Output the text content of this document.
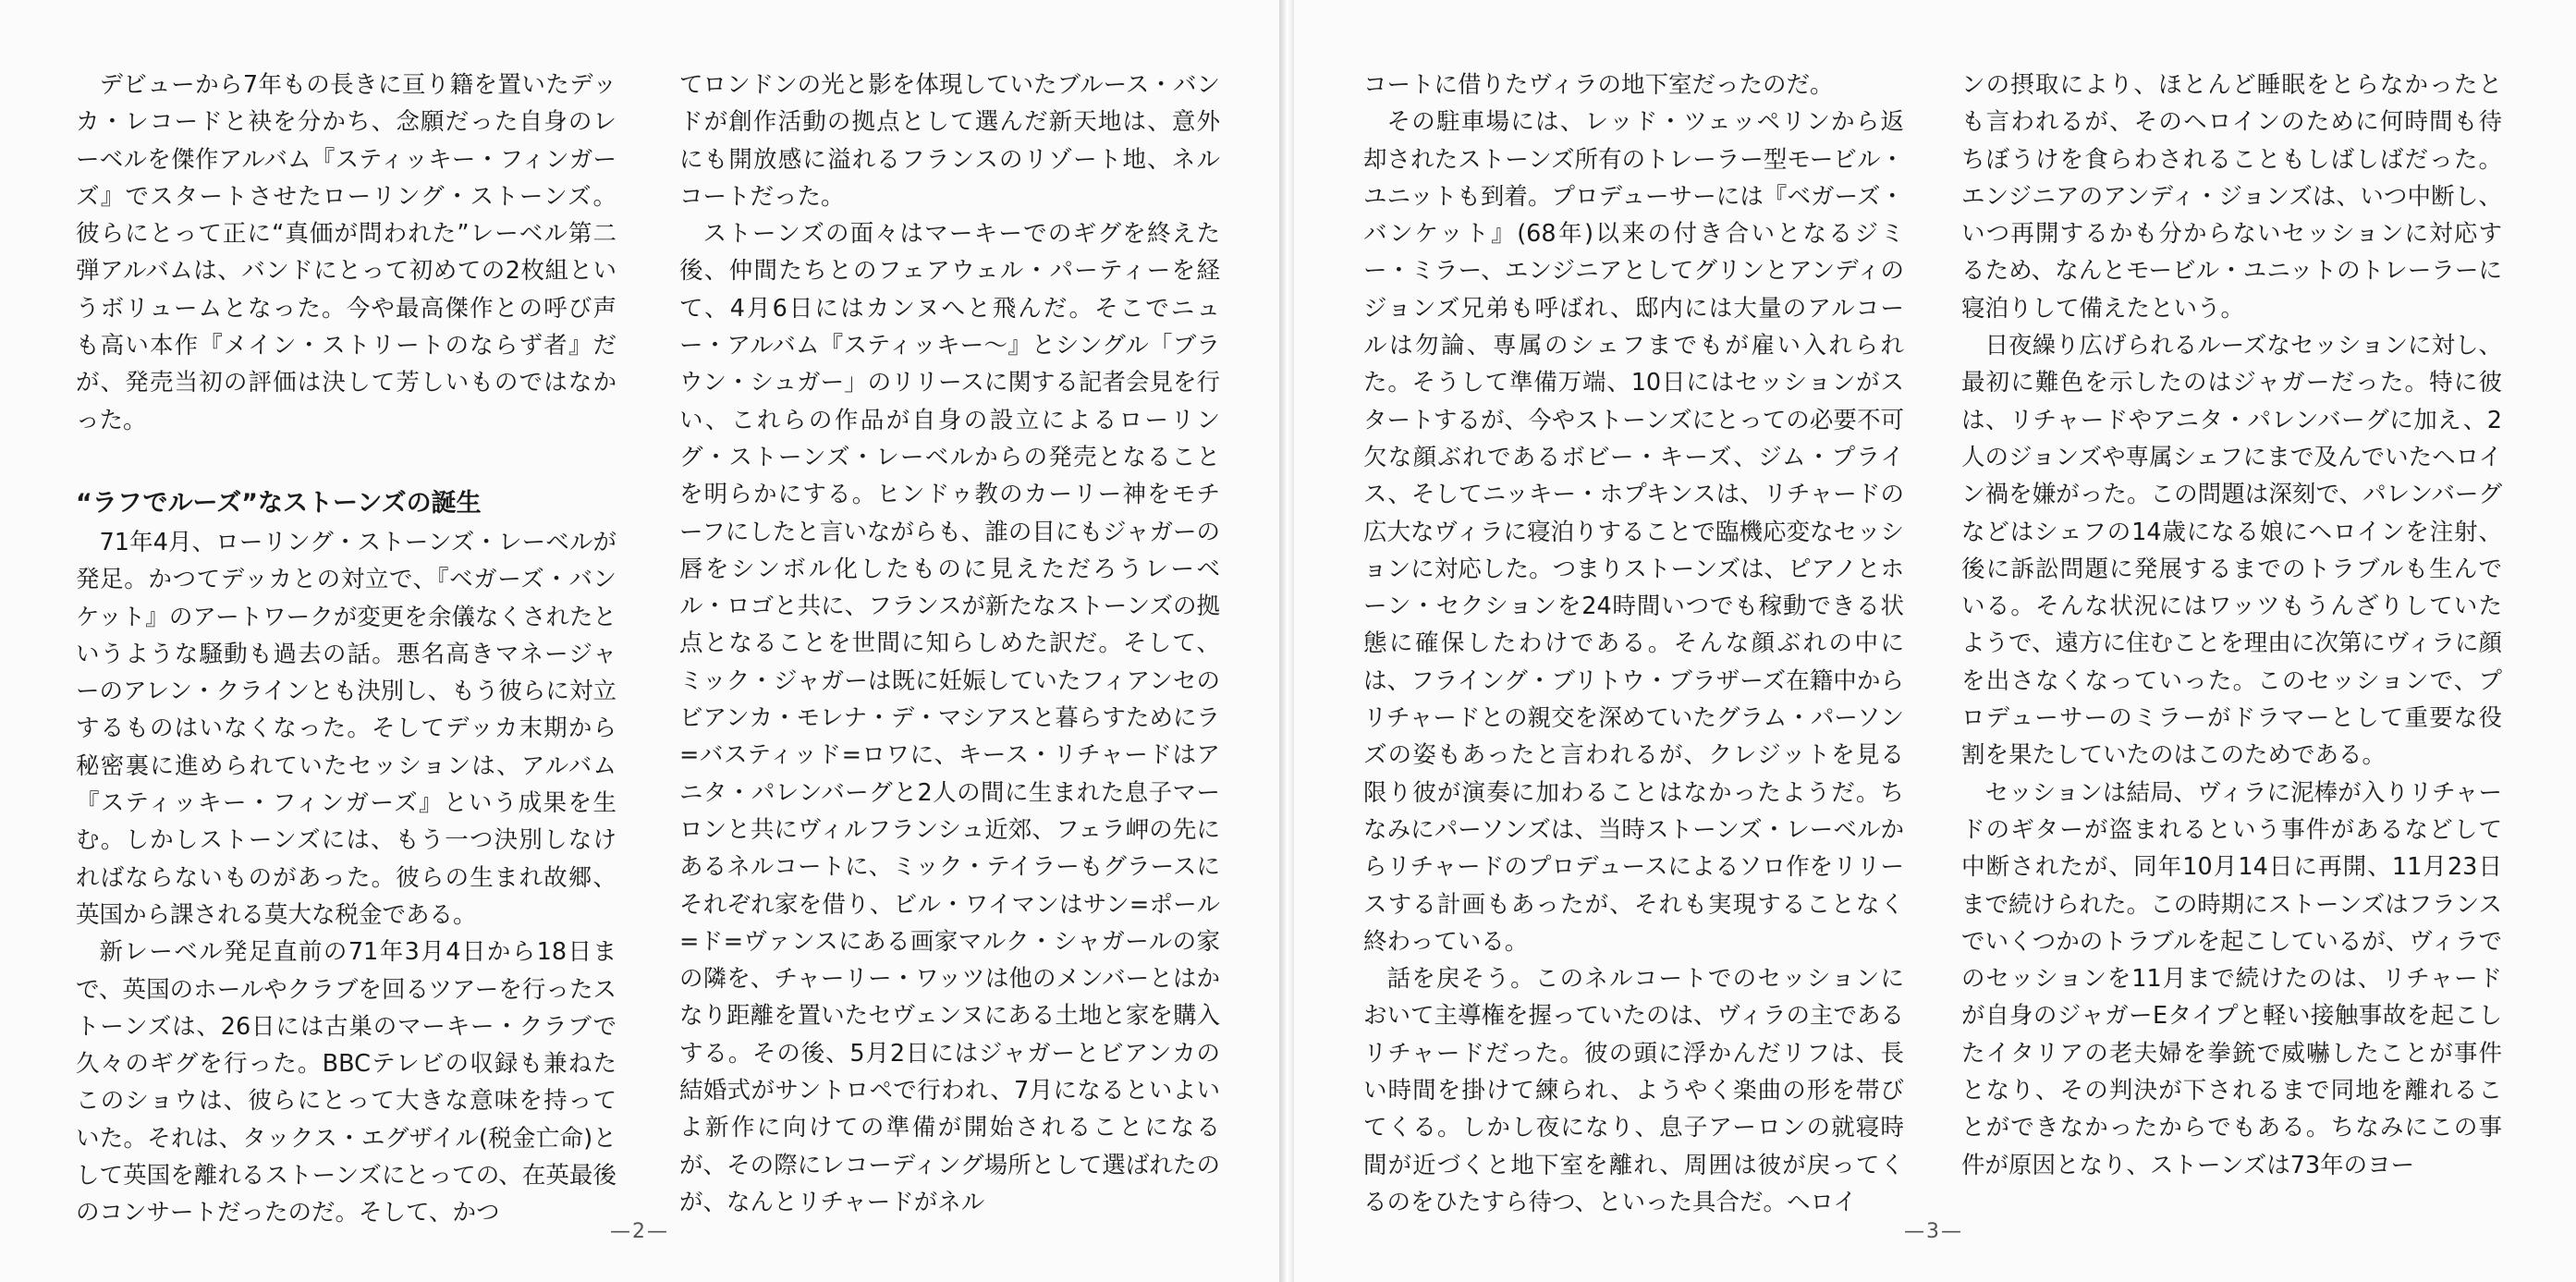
デビューから7年もの長きに亘り籍を置いたデッカ・レコードと袂を分かち、念願だった自身のレーベルを傑作アルバム『スティッキー・フィンガーズ』でスタートさせたローリング・ストーンズ。彼らにとって正に“真価が問われた”レーベル第二弾アルバムは、バンドにとって初めての2枚組というボリュームとなった。今や最高傑作との呼び声も高い本作『メイン・ストリートのならず者』だが、発売当初の評価は決して芳しいものではなかった。

“ラフでルーズ”なストーンズの誕生

71年4月、ローリング・ストーンズ・レーベルが発足。かつてデッカとの対立で、『ベガーズ・バンケット』のアートワークが変更を余儀なくされたというような騒動も過去の話。悪名高きマネージャーのアレン・クラインとも決別し、もう彼らに対立するものはいなくなった。そしてデッカ末期から秘密裏に進められていたセッションは、アルバム『スティッキー・フィンガーズ』という成果を生む。しかしストーンズには、もう一つ決別しなければならないものがあった。彼らの生まれ故郷、英国から課される莫大な税金である。

新レーベル発足直前の71年3月4日から18日まで、英国のホールやクラブを回るツアーを行ったストーンズは、26日には古巣のマーキー・クラブで久々のギグを行った。BBCテレビの収録も兼ねたこのショウは、彼らにとって大きな意味を持っていた。それは、タックス・エグザイル(税金亡命)として英国を離れるストーンズにとっての、在英最後のコンサートだったのだ。そして、かつ

てロンドンの光と影を体現していたブルース・バンドが創作活動の拠点として選んだ新天地は、意外にも開放感に溢れるフランスのリゾート地、ネルコートだった。

ストーンズの面々はマーキーでのギグを終えた後、仲間たちとのフェアウェル・パーティーを経て、4月6日にはカンヌへと飛んだ。そこでニュー・アルバム『スティッキー〜』とシングル「ブラウン・シュガー」のリリースに関する記者会見を行い、これらの作品が自身の設立によるローリング・ストーンズ・レーベルからの発売となることを明らかにする。ヒンドゥ教のカーリー神をモチーフにしたと言いながらも、誰の目にもジャガーの唇をシンボル化したものに見えただろうレーベル・ロゴと共に、フランスが新たなストーンズの拠点となることを世間に知らしめた訳だ。そして、ミック・ジャガーは既に妊娠していたフィアンセのビアンカ・モレナ・デ・マシアスと暮らすためにラ=バスティッド=ロワに、キース・リチャードはアニタ・パレンバーグと2人の間に生まれた息子マーロンと共にヴィルフランシュ近郊、フェラ岬の先にあるネルコートに、ミック・テイラーもグラースにそれぞれ家を借り、ビル・ワイマンはサン=ポール=ド=ヴァンスにある画家マルク・シャガールの家の隣を、チャーリー・ワッツは他のメンバーとはかなり距離を置いたセヴェンヌにある土地と家を購入する。その後、5月2日にはジャガーとビアンカの結婚式がサントロペで行われ、7月になるといよいよ新作に向けての準備が開始されることになるが、その際にレコーディング場所として選ばれたのが、なんとリチャードがネル

—2—

コートに借りたヴィラの地下室だったのだ。

その駐車場には、レッド・ツェッペリンから返却されたストーンズ所有のトレーラー型モービル・ユニットも到着。プロデューサーには『ベガーズ・バンケット』(68年)以来の付き合いとなるジミー・ミラー、エンジニアとしてグリンとアンディのジョンズ兄弟も呼ばれ、邸内には大量のアルコールは勿論、専属のシェフまでもが雇い入れられた。そうして準備万端、10日にはセッションがスタートするが、今やストーンズにとっての必要不可欠な顔ぶれであるボビー・キーズ、ジム・プライス、そしてニッキー・ホプキンスは、リチャードの広大なヴィラに寝泊りすることで臨機応変なセッションに対応した。つまりストーンズは、ピアノとホーン・セクションを24時間いつでも稼動できる状態に確保したわけである。そんな顔ぶれの中には、フライング・ブリトウ・ブラザーズ在籍中からリチャードとの親交を深めていたグラム・パーソンズの姿もあったと言われるが、クレジットを見る限り彼が演奏に加わることはなかったようだ。ちなみにパーソンズは、当時ストーンズ・レーベルからリチャードのプロデュースによるソロ作をリリースする計画もあったが、それも実現することなく終わっている。

話を戻そう。このネルコートでのセッションにおいて主導権を握っていたのは、ヴィラの主であるリチャードだった。彼の頭に浮かんだリフは、長い時間を掛けて練られ、ようやく楽曲の形を帯びてくる。しかし夜になり、息子アーロンの就寝時間が近づくと地下室を離れ、周囲は彼が戻ってくるのをひたすら待つ、といった具合だ。ヘロイ

ンの摂取により、ほとんど睡眠をとらなかったとも言われるが、そのヘロインのために何時間も待ちぼうけを食らわされることもしばしばだった。エンジニアのアンディ・ジョンズは、いつ中断し、いつ再開するかも分からないセッションに対応するため、なんとモービル・ユニットのトレーラーに寝泊りして備えたという。

日夜繰り広げられるルーズなセッションに対し、最初に難色を示したのはジャガーだった。特に彼は、リチャードやアニタ・パレンバーグに加え、2人のジョンズや専属シェフにまで及んでいたヘロイン禍を嫌がった。この問題は深刻で、パレンバーグなどはシェフの14歳になる娘にヘロインを注射、後に訴訟問題に発展するまでのトラブルも生んでいる。そんな状況にはワッツもうんざりしていたようで、遠方に住むことを理由に次第にヴィラに顔を出さなくなっていった。このセッションで、プロデューサーのミラーがドラマーとして重要な役割を果たしていたのはこのためである。

セッションは結局、ヴィラに泥棒が入りリチャードのギターが盗まれるという事件があるなどして中断されたが、同年10月14日に再開、11月23日まで続けられた。この時期にストーンズはフランスでいくつかのトラブルを起こしているが、ヴィラでのセッションを11月まで続けたのは、リチャードが自身のジャガーEタイプと軽い接触事故を起こしたイタリアの老夫婦を拳銃で威嚇したことが事件となり、その判決が下されるまで同地を離れることができなかったからでもある。ちなみにこの事件が原因となり、ストーンズは73年のヨー

—3—
